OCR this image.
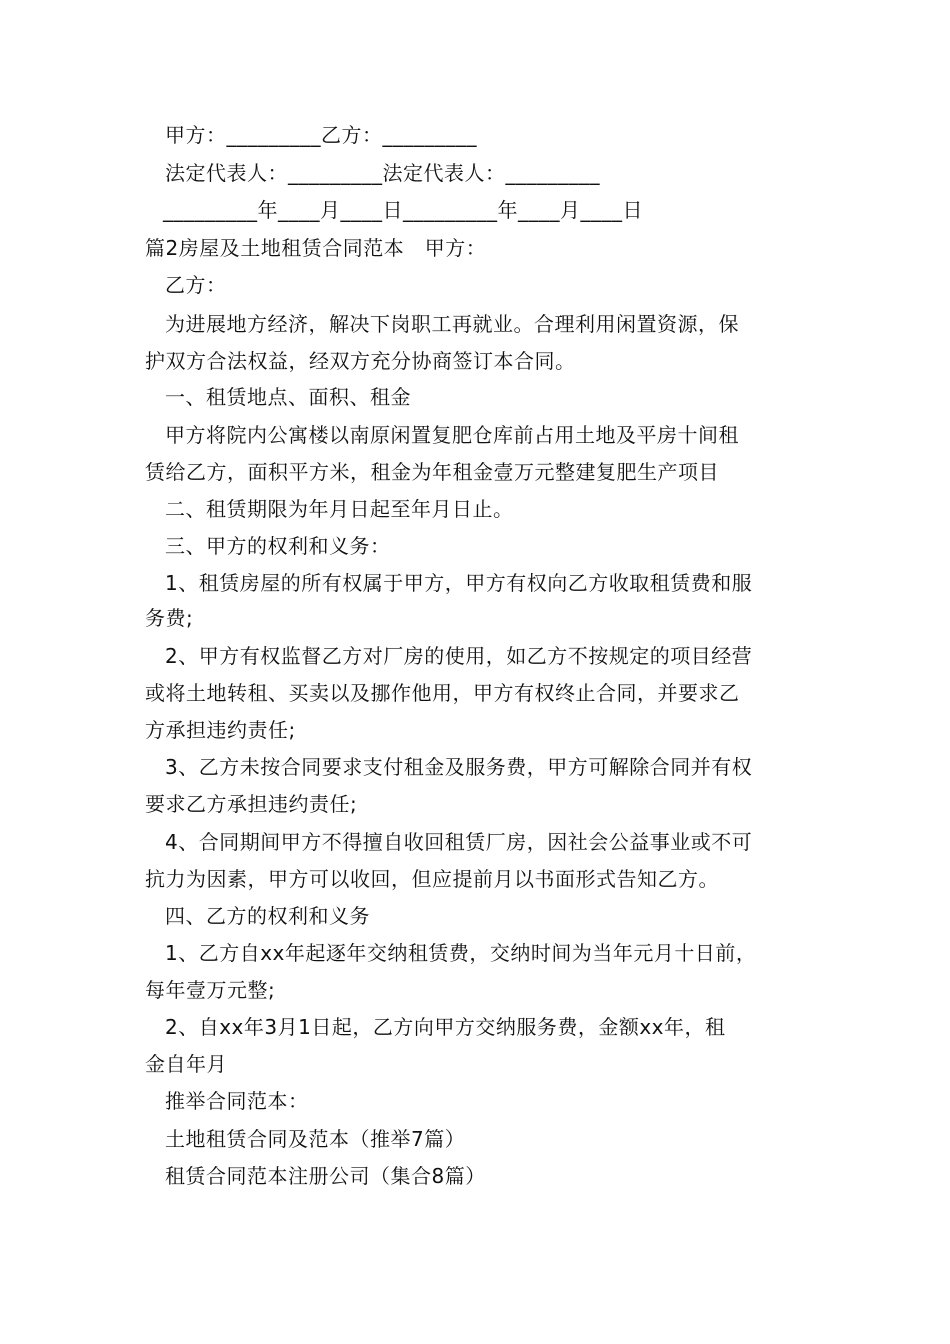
甲方：_________乙方：_________
法定代表人：_________法定代表人：_________
_________年____月____日_________年____月____日
篇2房屋及土地租赁合同范本　甲方：
乙方：
为进展地方经济，解决下岗职工再就业。合理利用闲置资源，保
护双方合法权益，经双方充分协商签订本合同。
一、租赁地点、面积、租金
甲方将院内公寓楼以南原闲置复肥仓库前占用土地及平房十间租
赁给乙方，面积平方米，租金为年租金壹万元整建复肥生产项目
二、租赁期限为年月日起至年月日止。
三、甲方的权利和义务：
1、租赁房屋的所有权属于甲方，甲方有权向乙方收取租赁费和服
务费;
2、甲方有权监督乙方对厂房的使用，如乙方不按规定的项目经营
或将土地转租、买卖以及挪作他用，甲方有权终止合同，并要求乙
方承担违约责任;
3、乙方未按合同要求支付租金及服务费，甲方可解除合同并有权
要求乙方承担违约责任;
4、合同期间甲方不得擅自收回租赁厂房，因社会公益事业或不可
抗力为因素，甲方可以收回，但应提前月以书面形式告知乙方。
四、乙方的权利和义务
1、乙方自xx年起逐年交纳租赁费，交纳时间为当年元月十日前，
每年壹万元整;
2、自xx年3月1日起，乙方向甲方交纳服务费，金额xx年，租
金自年月
推举合同范本：
土地租赁合同及范本（推举7篇）
租赁合同范本注册公司（集合8篇）
